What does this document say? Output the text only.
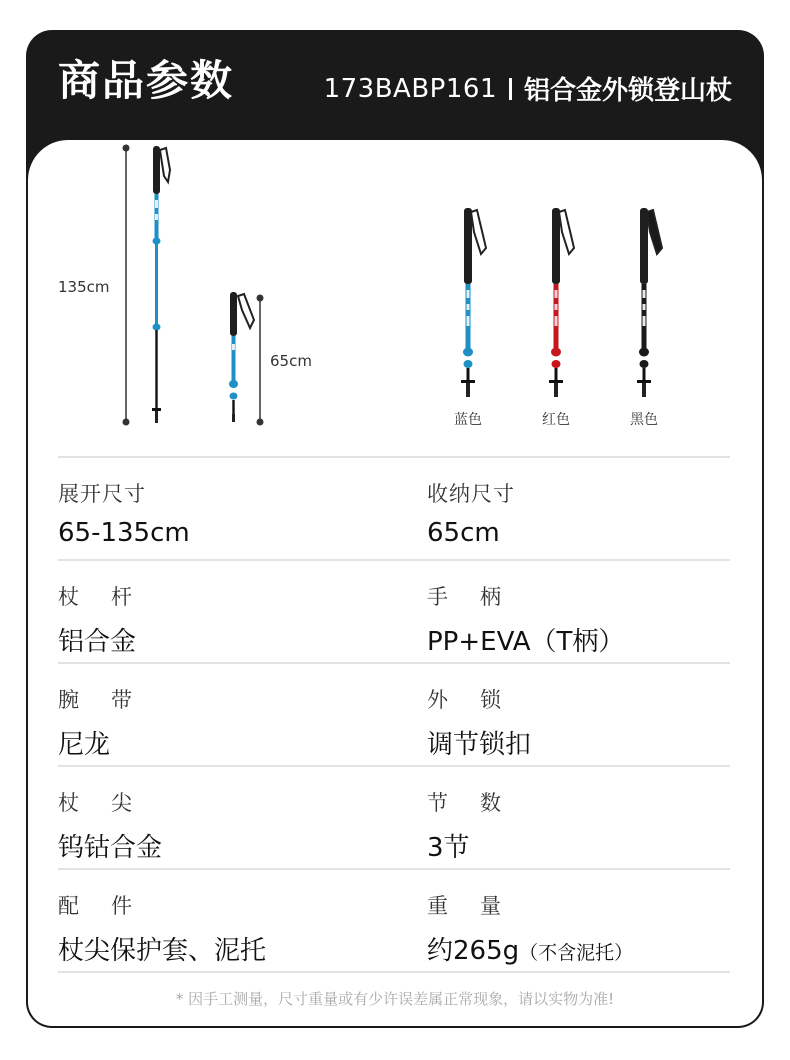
商品参数	173BABP161 铝合金外锁登山杖
135cm
65cm
蓝色	红色	黑色
展开尺寸
65-135cm
收纳尺寸
65cm
杖杆
铝合金
手柄
PP+EVA（T柄）
腕带
尼龙
外锁
调节锁扣
杖尖
钨钴合金
节数
3节
配件
杖尖保护套、泥托
重量
约265g（不含泥托）
* 因手工测量，尺寸重量或有少许误差属正常现象，请以实物为准!
